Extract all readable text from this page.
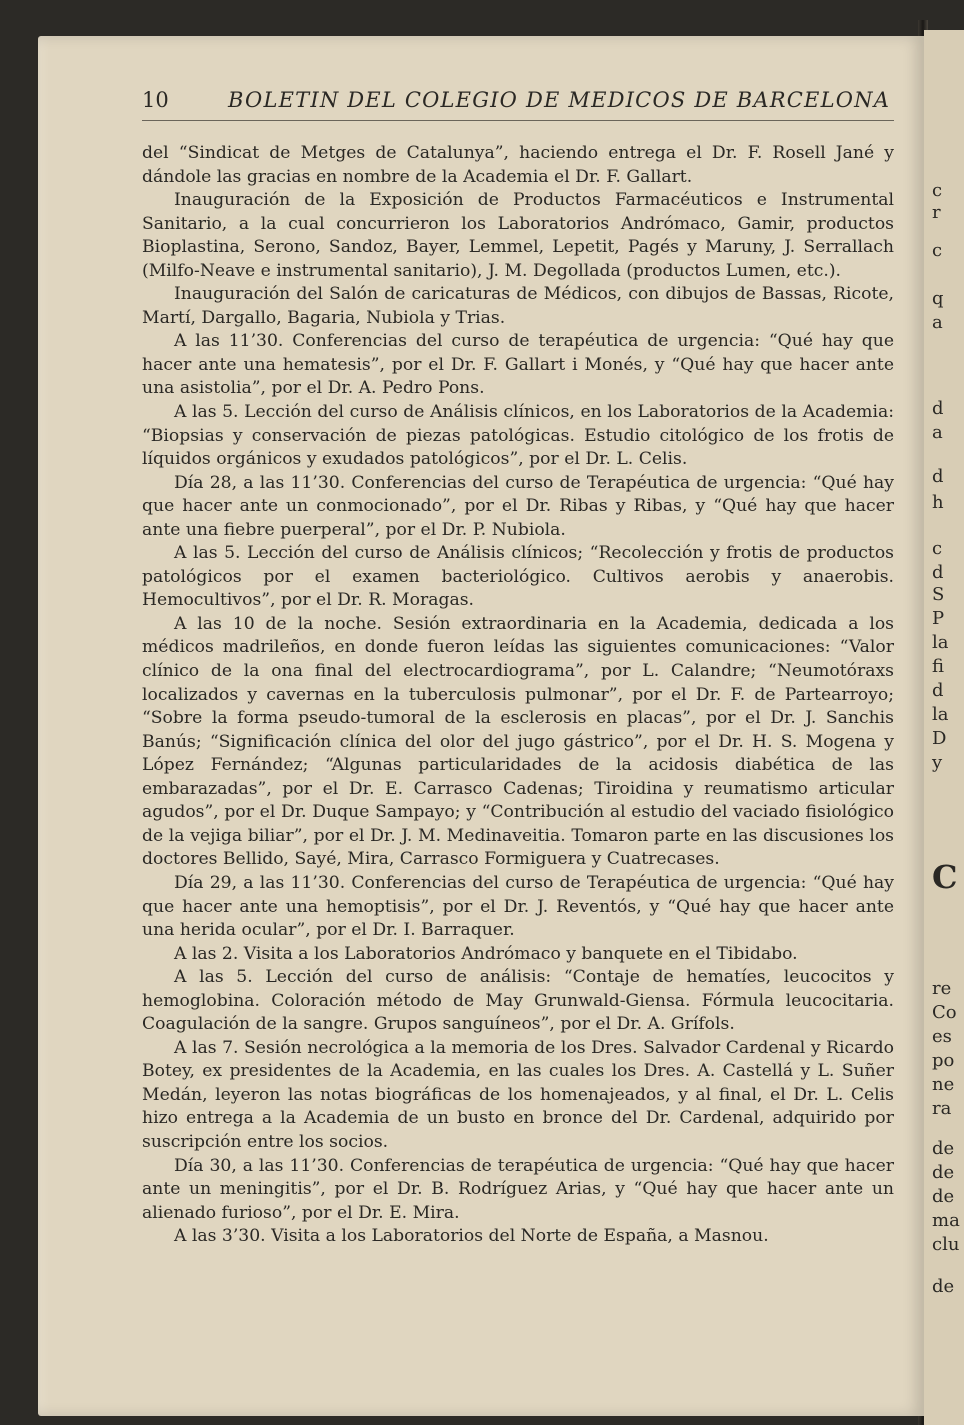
10	BOLETIN DEL COLEGIO DE MEDICOS DE BARCELONA

del “Sindicat de Metges de Catalunya”, haciendo entrega el Dr. F. Rosell Jané y dándole las gracias en nombre de la Academia el Dr. F. Gallart.

Inauguración de la Exposición de Productos Farmacéuticos e Instrumental Sanitario, a la cual concurrieron los Laboratorios Andrómaco, Gamir, productos Bioplastina, Serono, Sandoz, Bayer, Lemmel, Lepetit, Pagés y Maruny, J. Serrallach (Milfo-Neave e instrumental sanitario), J. M. Degollada (productos Lumen, etc.).

Inauguración del Salón de caricaturas de Médicos, con dibujos de Bassas, Ricote, Martí, Dargallo, Bagaria, Nubiola y Trias.

A las 11’30. Conferencias del curso de terapéutica de urgencia: “Qué hay que hacer ante una hematesis”, por el Dr. F. Gallart i Monés, y “Qué hay que hacer ante una asistolia”, por el Dr. A. Pedro Pons.

A las 5. Lección del curso de Análisis clínicos, en los Laboratorios de la Academia: “Biopsias y conservación de piezas patológicas. Estudio citológico de los frotis de líquidos orgánicos y exudados patológicos”, por el Dr. L. Celis.

Día 28, a las 11’30. Conferencias del curso de Terapéutica de urgencia: “Qué hay que hacer ante un conmocionado”, por el Dr. Ribas y Ribas, y “Qué hay que hacer ante una fiebre puerperal”, por el Dr. P. Nubiola.

A las 5. Lección del curso de Análisis clínicos; “Recolección y frotis de productos patológicos por el examen bacteriológico. Cultivos aerobis y anaerobis. Hemocultivos”, por el Dr. R. Moragas.

A las 10 de la noche. Sesión extraordinaria en la Academia, dedicada a los médicos madrileños, en donde fueron leídas las siguientes comunicaciones: “Valor clínico de la ona final del electrocardiograma”, por L. Calandre; “Neumotóraxs localizados y cavernas en la tuberculosis pulmonar”, por el Dr. F. de Partearroyo; “Sobre la forma pseudo-tumoral de la esclerosis en placas”, por el Dr. J. Sanchis Banús; “Significación clínica del olor del jugo gástrico”, por el Dr. H. S. Mogena y López Fernández; “Algunas particularidades de la acidosis diabética de las embarazadas”, por el Dr. E. Carrasco Cadenas; Tiroidina y reumatismo articular agudos”, por el Dr. Duque Sampayo; y “Contribución al estudio del vaciado fisiológico de la vejiga biliar”, por el Dr. J. M. Medinaveitia. Tomaron parte en las discusiones los doctores Bellido, Sayé, Mira, Carrasco Formiguera y Cuatrecases.

Día 29, a las 11’30. Conferencias del curso de Terapéutica de urgencia: “Qué hay que hacer ante una hemoptisis”, por el Dr. J. Reventós, y “Qué hay que hacer ante una herida ocular”, por el Dr. I. Barraquer.

A las 2. Visita a los Laboratorios Andrómaco y banquete en el Tibidabo.

A las 5. Lección del curso de análisis: “Contaje de hematíes, leucocitos y hemoglobina. Coloración método de May Grunwald-Giensa. Fórmula leucocitaria. Coagulación de la sangre. Grupos sanguíneos”, por el Dr. A. Grífols.

A las 7. Sesión necrológica a la memoria de los Dres. Salvador Cardenal y Ricardo Botey, ex presidentes de la Academia, en las cuales los Dres. A. Castellá y L. Suñer Medán, leyeron las notas biográficas de los homenajeados, y al final, el Dr. L. Celis hizo entrega a la Academia de un busto en bronce del Dr. Cardenal, adquirido por suscripción entre los socios.

Día 30, a las 11’30. Conferencias de terapéutica de urgencia: “Qué hay que hacer ante un meningitis”, por el Dr. B. Rodríguez Arias, y “Qué hay que hacer ante un alienado furioso”, por el Dr. E. Mira.

A las 3’30. Visita a los Laboratorios del Norte de España, a Masnou.

c
r
c
q
a
d
a
d
h
c
d
S
P
la
fi
d
la
D
y
C
re
Co
es
po
ne
ra
de
de
de
ma
clu
de
